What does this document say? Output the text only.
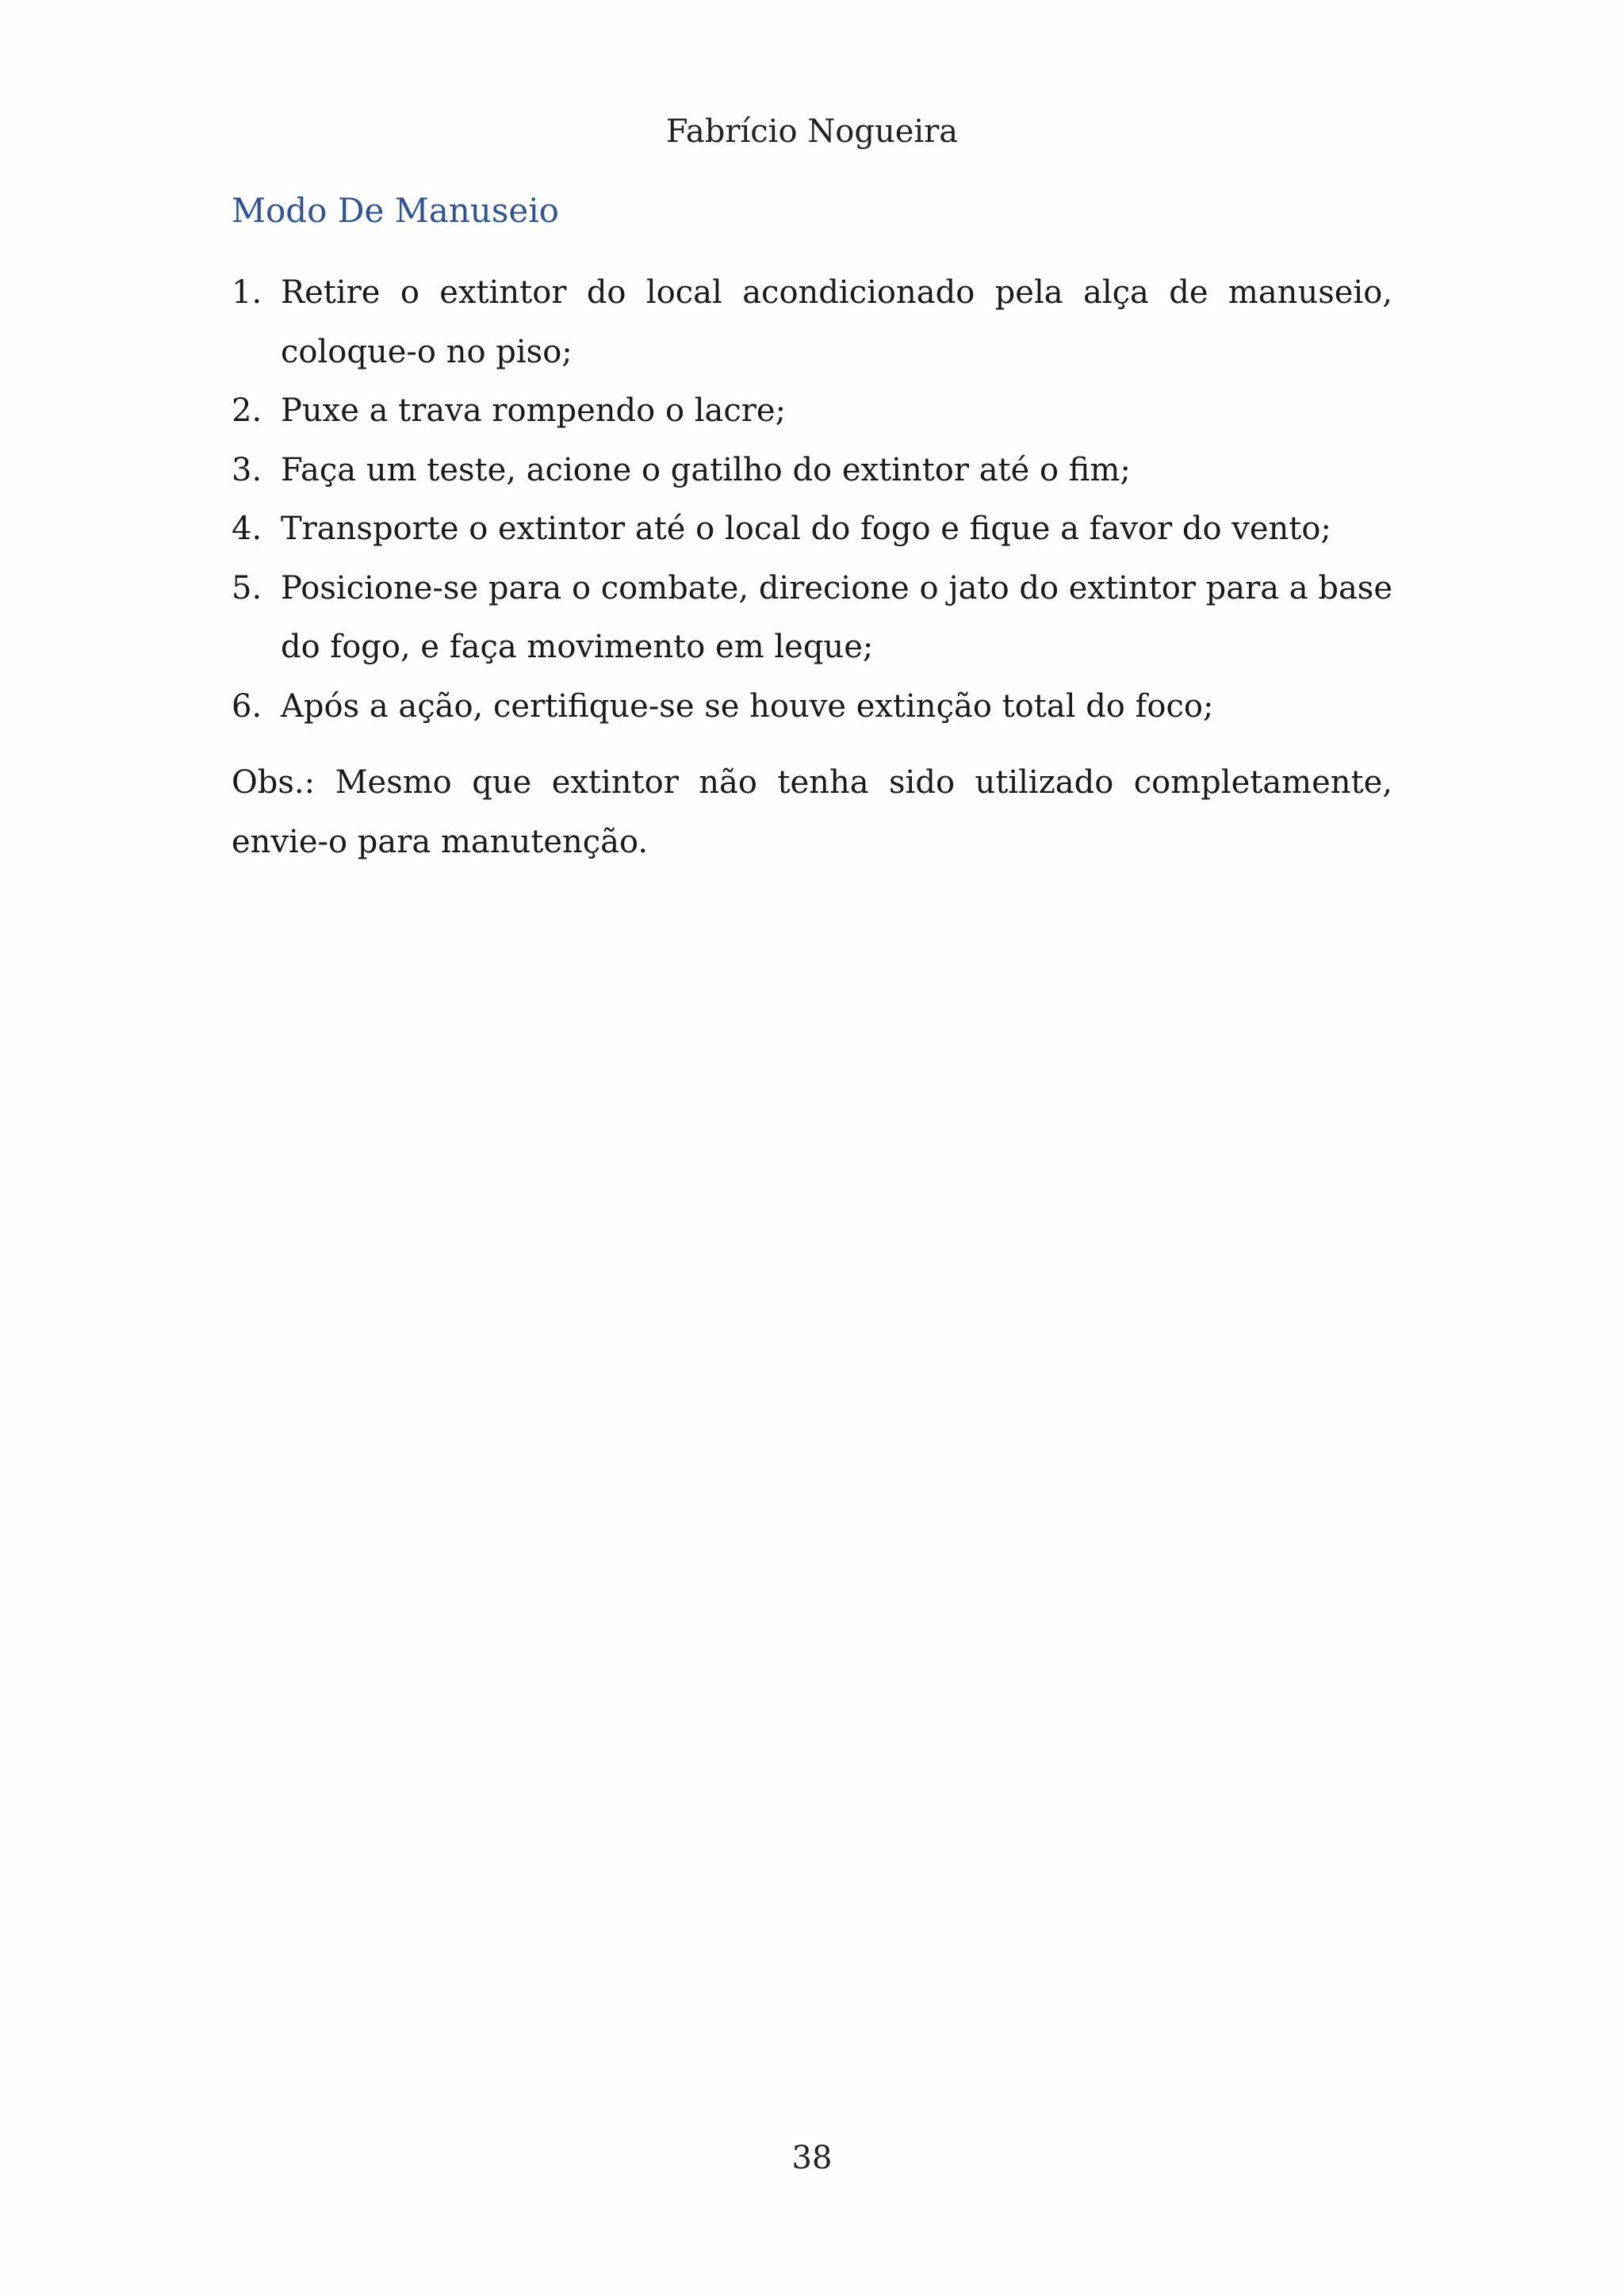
Fabrício Nogueira
Modo De Manuseio
1. Retire o extintor do local acondicionado pela alça de manuseio, coloque-o no piso;
2. Puxe a trava rompendo o lacre;
3. Faça um teste, acione o gatilho do extintor até o fim;
4. Transporte o extintor até o local do fogo e fique a favor do vento;
5. Posicione-se para o combate, direcione o jato do extintor para a base do fogo, e faça movimento em leque;
6. Após a ação, certifique-se se houve extinção total do foco;

Obs.: Mesmo que extintor não tenha sido utilizado completamente, envie-o para manutenção.

38
